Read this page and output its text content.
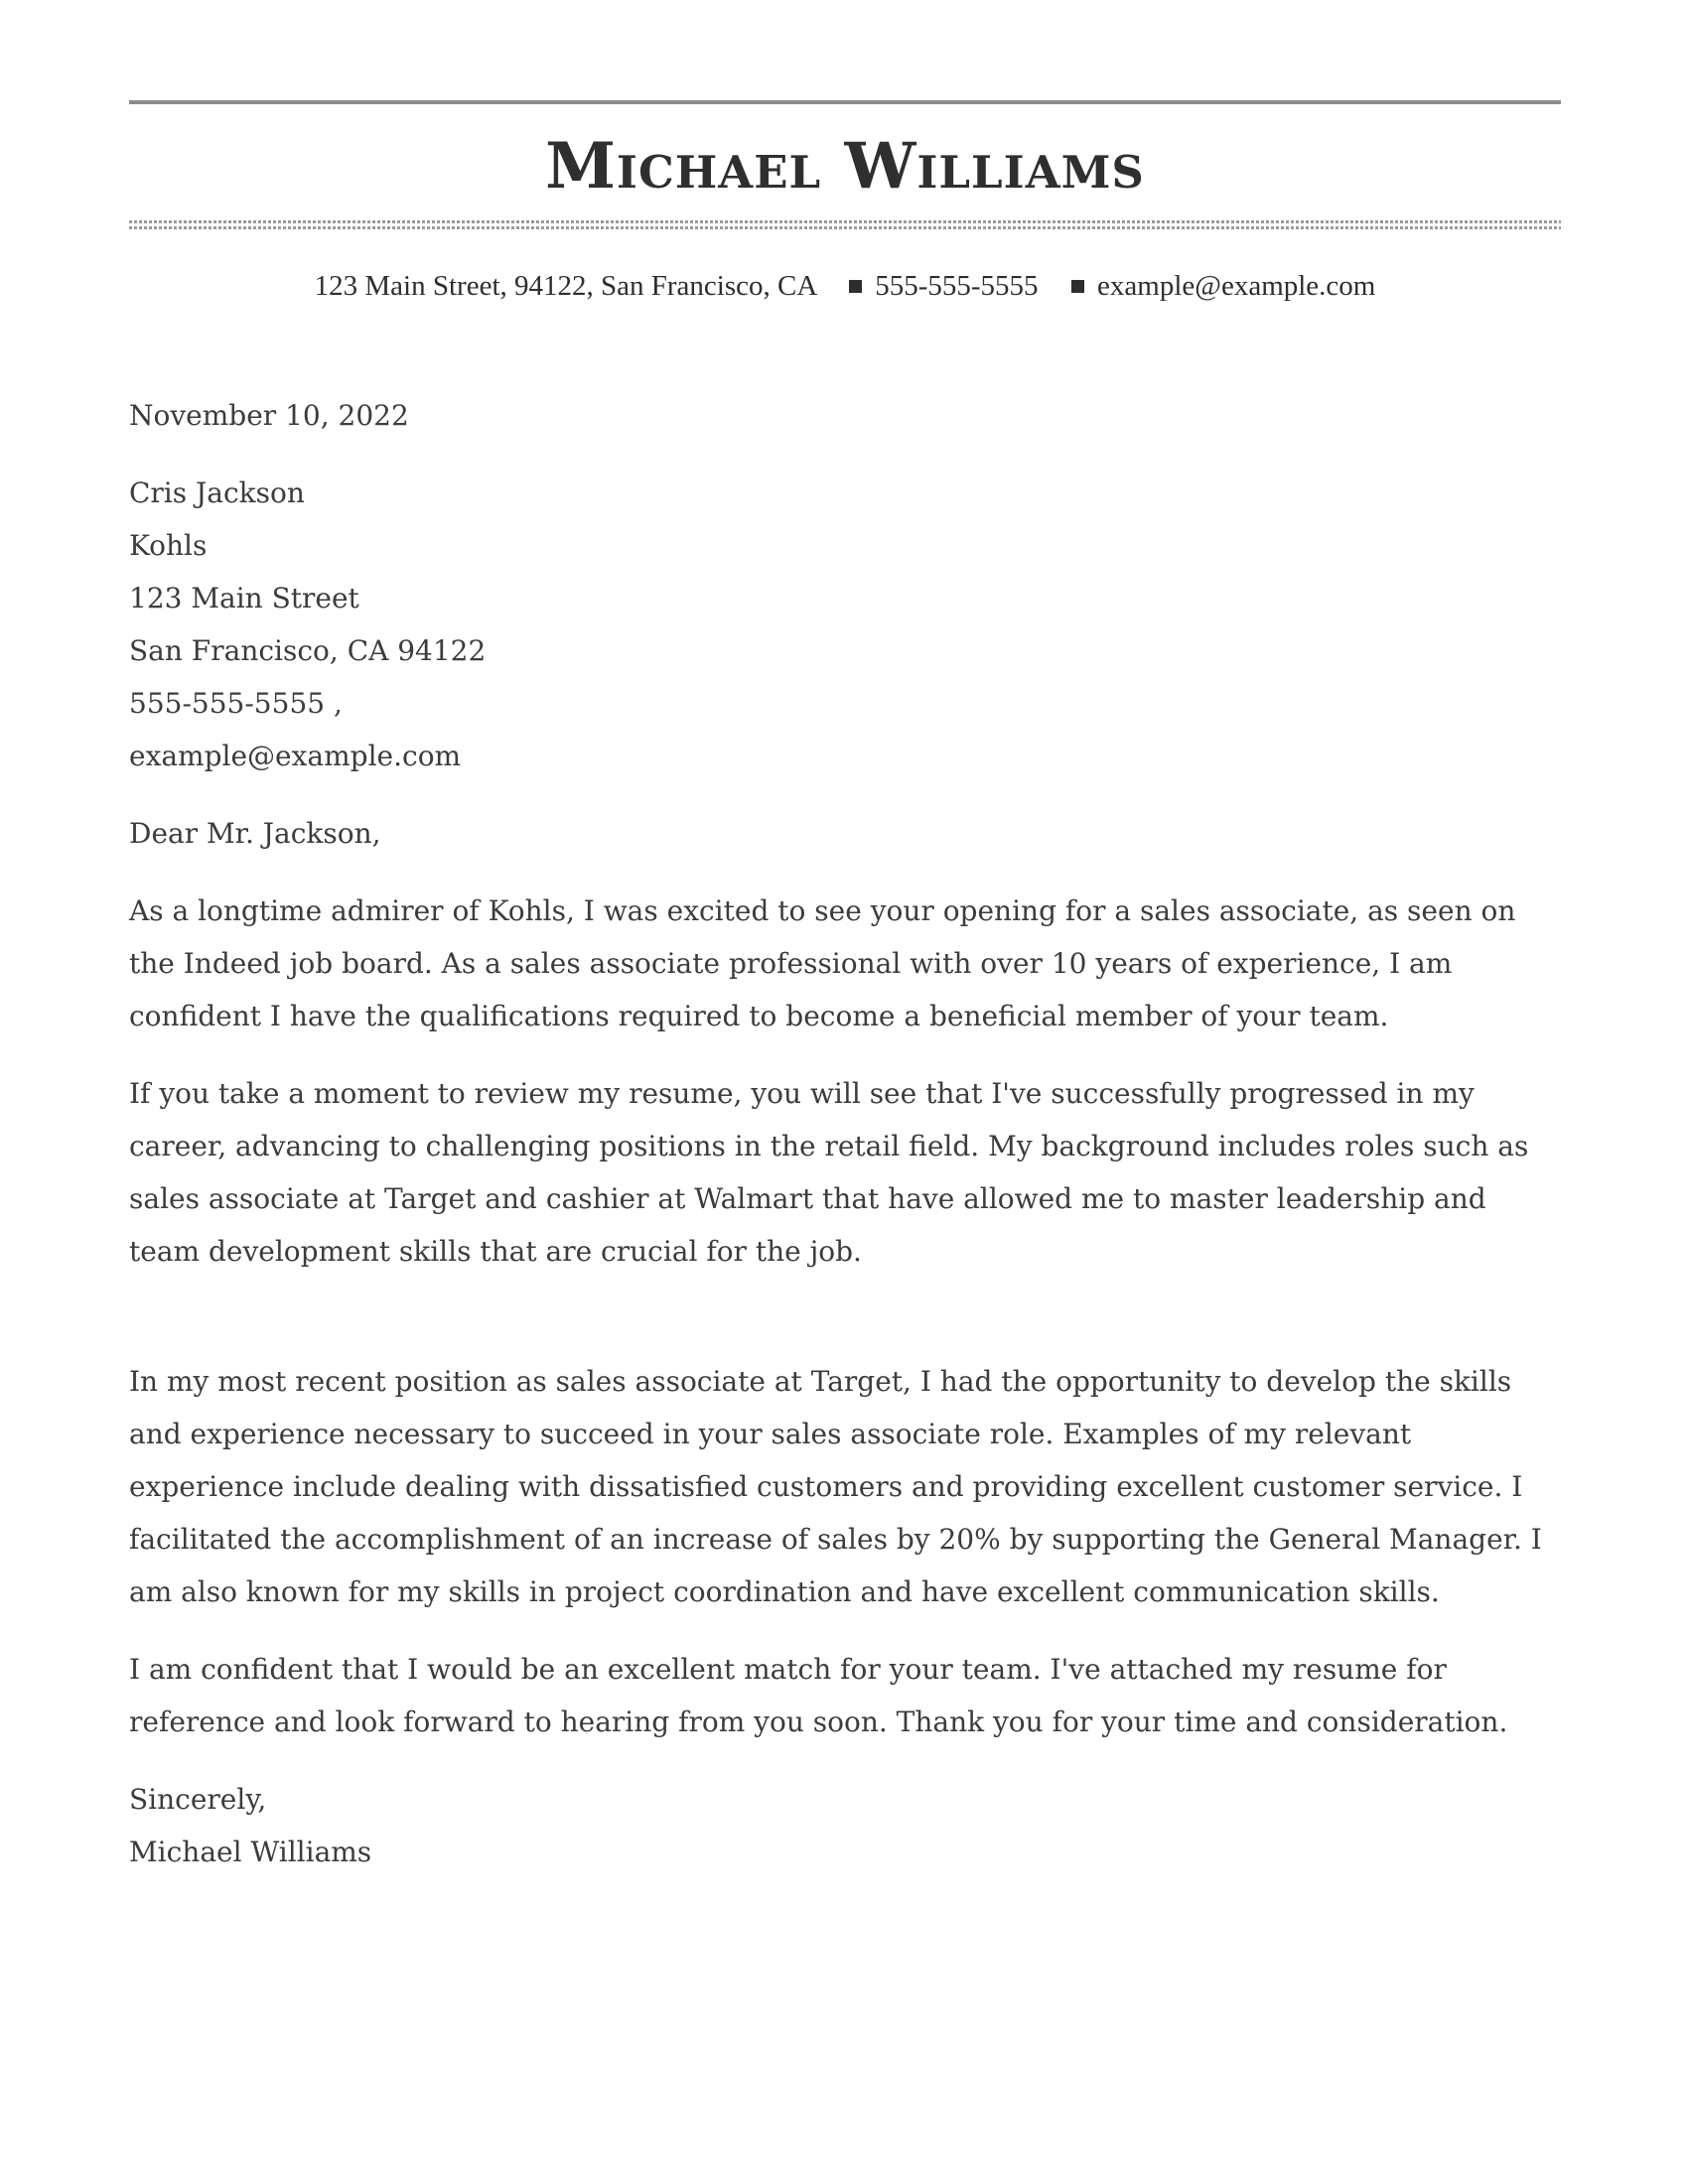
Michael Williams
123 Main Street, 94122, San Francisco, CA 555-555-5555 example@example.com

November 10, 2022

Cris Jackson
Kohls
123 Main Street
San Francisco, CA 94122
555-555-5555 ,
example@example.com

Dear Mr. Jackson,

As a longtime admirer of Kohls, I was excited to see your opening for a sales associate, as seen on the Indeed job board. As a sales associate professional with over 10 years of experience, I am confident I have the qualifications required to become a beneficial member of your team.

If you take a moment to review my resume, you will see that I've successfully progressed in my career, advancing to challenging positions in the retail field. My background includes roles such as sales associate at Target and cashier at Walmart that have allowed me to master leadership and team development skills that are crucial for the job.

In my most recent position as sales associate at Target, I had the opportunity to develop the skills and experience necessary to succeed in your sales associate role. Examples of my relevant experience include dealing with dissatisfied customers and providing excellent customer service. I facilitated the accomplishment of an increase of sales by 20% by supporting the General Manager. I am also known for my skills in project coordination and have excellent communication skills.

I am confident that I would be an excellent match for your team. I've attached my resume for reference and look forward to hearing from you soon. Thank you for your time and consideration.

Sincerely,
Michael Williams
